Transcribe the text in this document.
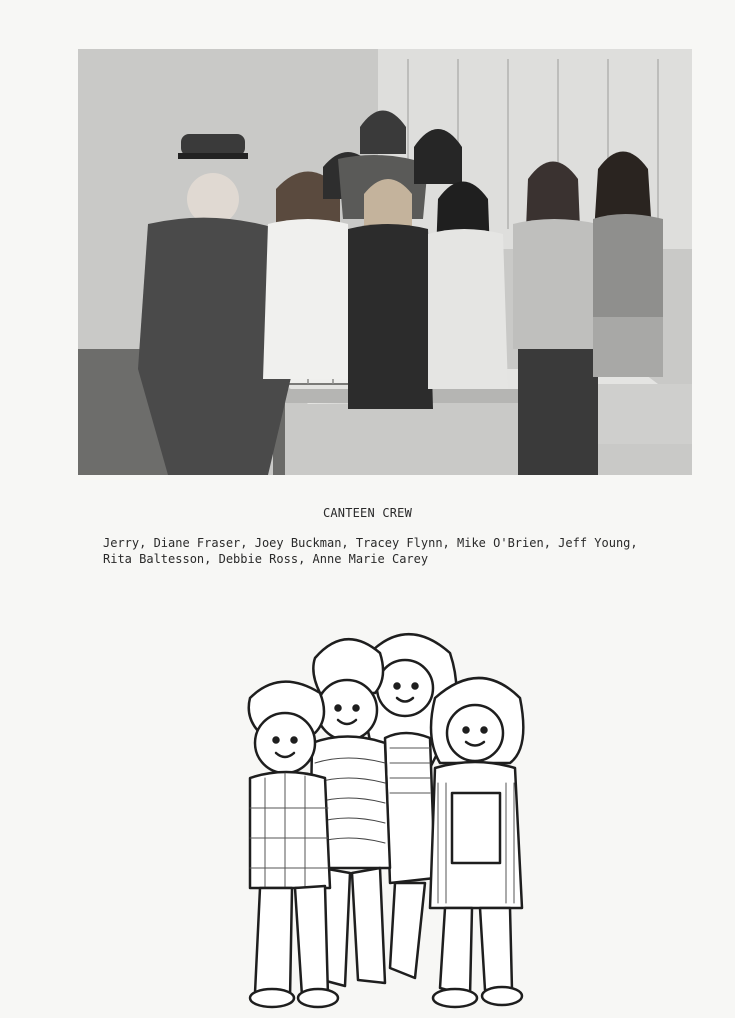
CANTEEN CREW
Jerry, Diane Fraser, Joey Buckman, Tracey Flynn, Mike O'Brien, Jeff Young,
Rita Baltesson, Debbie Ross, Anne Marie Carey
